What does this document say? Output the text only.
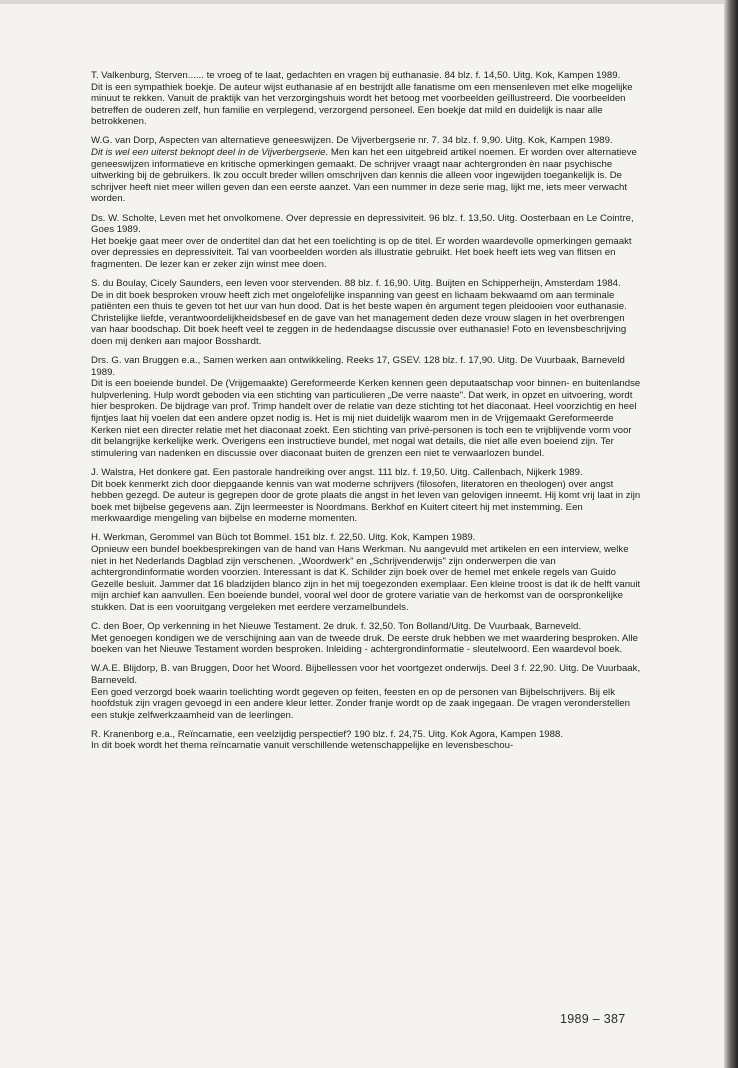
T. Valkenburg, Sterven...... te vroeg of te laat, gedachten en vragen bij euthanasie. 84 blz. f. 14,50. Uitg. Kok, Kampen 1989.

Dit is een sympathiek boekje. De auteur wijst euthanasie af en bestrijdt alle fanatisme om een mensenleven met elke mogelijke minuut te rekken. Vanuit de praktijk van het verzorgingshuis wordt het betoog met voorbeelden geïllustreerd. Die voorbeelden betreffen de ouderen zelf, hun familie en verplegend, verzorgend personeel. Een boekje dat mild en duidelijk is naar alle betrokkenen.

W.G. van Dorp, Aspecten van alternatieve geneeswijzen. De Vijverbergserie nr. 7. 34 blz. f. 9,90. Uitg. Kok, Kampen 1989.

Dit is wel een uiterst beknopt deel in de Vijverbergserie. Men kan het een uitgebreid artikel noemen. Er worden over alternatieve geneeswijzen informatieve en kritische opmerkingen gemaakt. De schrijver vraagt naar achtergronden èn naar psychische uitwerking bij de gebruikers. Ik zou occult breder willen omschrijven dan kennis die alleen voor ingewijden toegankelijk is. De schrijver heeft niet meer willen geven dan een eerste aanzet. Van een nummer in deze serie mag, lijkt me, iets meer verwacht worden.

Ds. W. Scholte, Leven met het onvolkomene. Over depressie en depressiviteit. 96 blz. f. 13,50. Uitg. Oosterbaan en Le Cointre, Goes 1989.

Het boekje gaat meer over de ondertitel dan dat het een toelichting is op de titel. Er worden waardevolle opmerkingen gemaakt over depressies en depressiviteit. Tal van voorbeelden worden als illustratie gebruikt. Het boek heeft iets weg van flitsen en fragmenten. De lezer kan er zeker zijn winst mee doen.

S. du Boulay, Cicely Saunders, een leven voor stervenden. 88 blz. f. 16,90. Uitg. Buijten en Schipperheijn, Amsterdam 1984.

De in dit boek besproken vrouw heeft zich met ongelofelijke inspanning van geest en lichaam bekwaamd om aan terminale patiënten een thuis te geven tot het uur van hun dood. Dat is het beste wapen èn argument tegen pleidooien voor euthanasie. Christelijke liefde, verantwoordelijkheidsbesef en de gave van het management deden deze vrouw slagen in het overbrengen van haar boodschap. Dit boek heeft veel te zeggen in de hedendaagse discussie over euthanasie! Foto en levensbeschrijving doen mij denken aan majoor Bosshardt.

Drs. G. van Bruggen e.a., Samen werken aan ontwikkeling. Reeks 17, GSEV. 128 blz. f. 17,90. Uitg. De Vuurbaak, Barneveld 1989.

Dit is een boeiende bundel. De (Vrijgemaakte) Gereformeerde Kerken kennen geen deputaatschap voor binnen- en buitenlandse hulpverlening. Hulp wordt geboden via een stichting van particulieren „De verre naaste". Dat werk, in opzet en uitvoering, wordt hier besproken. De bijdrage van prof. Trimp handelt over de relatie van deze stichting tot het diaconaat. Heel voorzichtig en heel fijntjes laat hij voelen dat een andere opzet nodig is. Het is mij niet duidelijk waarom men in de Vrijgemaakt Gereformeerde Kerken niet een directer relatie met het diaconaat zoekt. Een stichting van privé-personen is toch een te vrijblijvende vorm voor dit belangrijke kerkelijke werk. Overigens een instructieve bundel, met nogal wat details, die niet alle even boeiend zijn. Ter stimulering van nadenken en discussie over diaconaat buiten de grenzen een niet te verwaarlozen bundel.

J. Walstra, Het donkere gat. Een pastorale handreiking over angst. 111 blz. f. 19,50. Uitg. Callenbach, Nijkerk 1989.

Dit boek kenmerkt zich door diepgaande kennis van wat moderne schrijvers (filosofen, literatoren en theologen) over angst hebben gezegd. De auteur is gegrepen door de grote plaats die angst in het leven van gelovigen inneemt. Hij komt vrij laat in zijn boek met bijbelse gegevens aan. Zijn leermeester is Noordmans. Berkhof en Kuitert citeert hij met instemming. Een merkwaardige mengeling van bijbelse en moderne momenten.

H. Werkman, Gerommel van Büch tot Bommel. 151 blz. f. 22,50. Uitg. Kok, Kampen 1989.

Opnieuw een bundel boekbesprekingen van de hand van Hans Werkman. Nu aangevuld met artikelen en een interview, welke niet in het Nederlands Dagblad zijn verschenen. „Woordwerk" en „Schrijvenderwijs" zijn onderwerpen die van achtergrondinformatie worden voorzien. Interessant is dat K. Schilder zijn boek over de hemel met enkele regels van Guido Gezelle besluit. Jammer dat 16 bladzijden blanco zijn in het mij toegezonden exemplaar. Een kleine troost is dat ik de helft vanuit mijn archief kan aanvullen. Een boeiende bundel, vooral wel door de grotere variatie van de herkomst van de oorspronkelijke stukken. Dat is een vooruitgang vergeleken met eerdere verzamelbundels.

C. den Boer, Op verkenning in het Nieuwe Testament. 2e druk. f. 32,50. Ton Bolland/Uitg. De Vuurbaak, Barneveld.

Met genoegen kondigen we de verschijning aan van de tweede druk. De eerste druk hebben we met waardering besproken. Alle boeken van het Nieuwe Testament worden besproken. Inleiding - achtergrondinformatie - sleutelwoord. Een waardevol boek.

W.A.E. Blijdorp, B. van Bruggen, Door het Woord. Bijbellessen voor het voortgezet onderwijs. Deel 3 f. 22,90. Uitg. De Vuurbaak, Barneveld.

Een goed verzorgd boek waarin toelichting wordt gegeven op feiten, feesten en op de personen van Bijbelschrijvers. Bij elk hoofdstuk zijn vragen gevoegd in een andere kleur letter. Zonder franje wordt op de zaak ingegaan. De vragen veronderstellen een stukje zelfwerkzaamheid van de leerlingen.

R. Kranenborg e.a., Reïncarnatie, een veelzijdig perspectief? 190 blz. f. 24,75. Uitg. Kok Agora, Kampen 1988.

In dit boek wordt het thema reïncarnatie vanuit verschillende wetenschappelijke en levensbeschou-

1989 – 387
